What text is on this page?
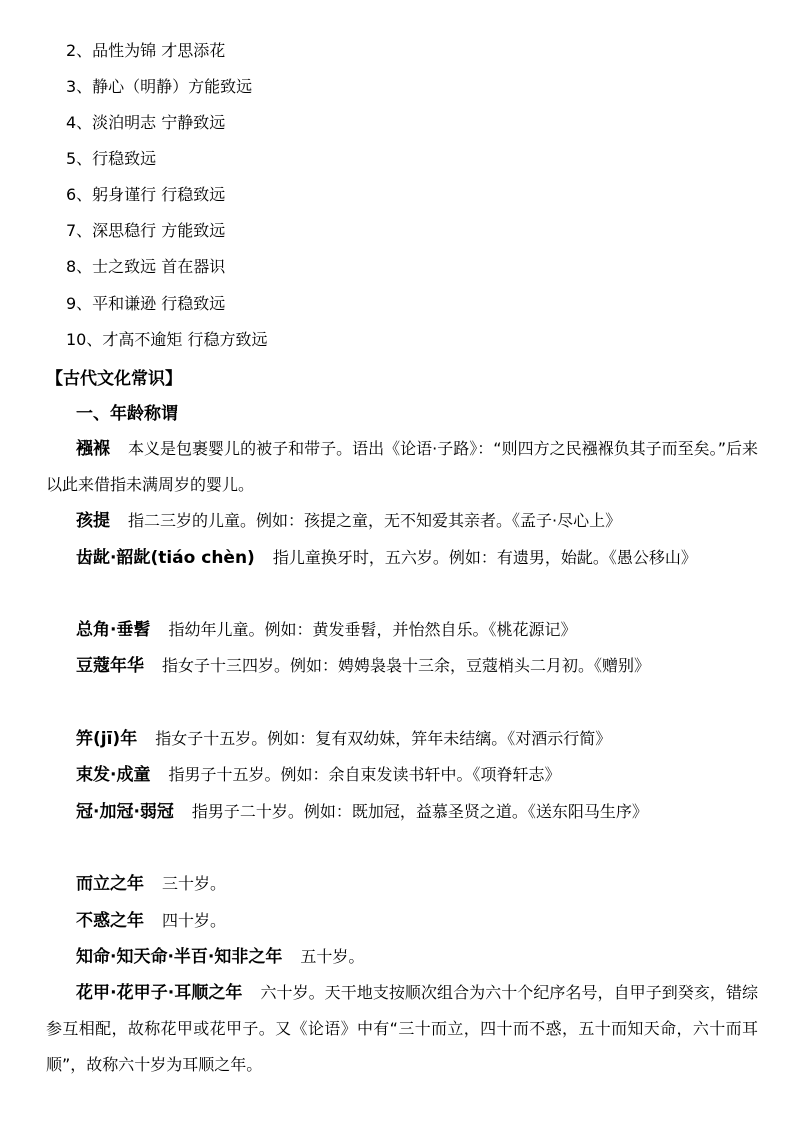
2、品性为锦 才思添花
3、静心（明静）方能致远
4、淡泊明志 宁静致远
5、行稳致远
6、躬身谨行 行稳致远
7、深思稳行 方能致远
8、士之致远 首在器识
9、平和谦逊 行稳致远
10、才高不逾矩 行稳方致远
【古代文化常识】
一、年龄称谓
襁褓 本义是包裹婴儿的被子和带子。语出《论语·子路》：“则四方之民襁褓负其子而至矣。”后来以此来借指未满周岁的婴儿。
孩提 指二三岁的儿童。例如：孩提之童，无不知爱其亲者。《孟子·尽心上》
齿龀·韶龀(tiáo chèn) 指儿童换牙时，五六岁。例如：有遗男，始龀。《愚公移山》
总角·垂髫 指幼年儿童。例如：黄发垂髫，并怡然自乐。《桃花源记》
豆蔻年华 指女子十三四岁。例如：娉娉袅袅十三余，豆蔻梢头二月初。《赠别》
笄(jī)年 指女子十五岁。例如：复有双幼妹，笄年未结缡。《对酒示行简》
束发·成童 指男子十五岁。例如：余自束发读书轩中。《项脊轩志》
冠·加冠·弱冠 指男子二十岁。例如：既加冠，益慕圣贤之道。《送东阳马生序》
而立之年 三十岁。
不惑之年 四十岁。
知命·知天命·半百·知非之年 五十岁。
花甲·花甲子·耳顺之年 六十岁。天干地支按顺次组合为六十个纪序名号，自甲子到癸亥，错综参互相配，故称花甲或花甲子。又《论语》中有“三十而立，四十而不惑，五十而知天命，六十而耳顺”，故称六十岁为耳顺之年。
